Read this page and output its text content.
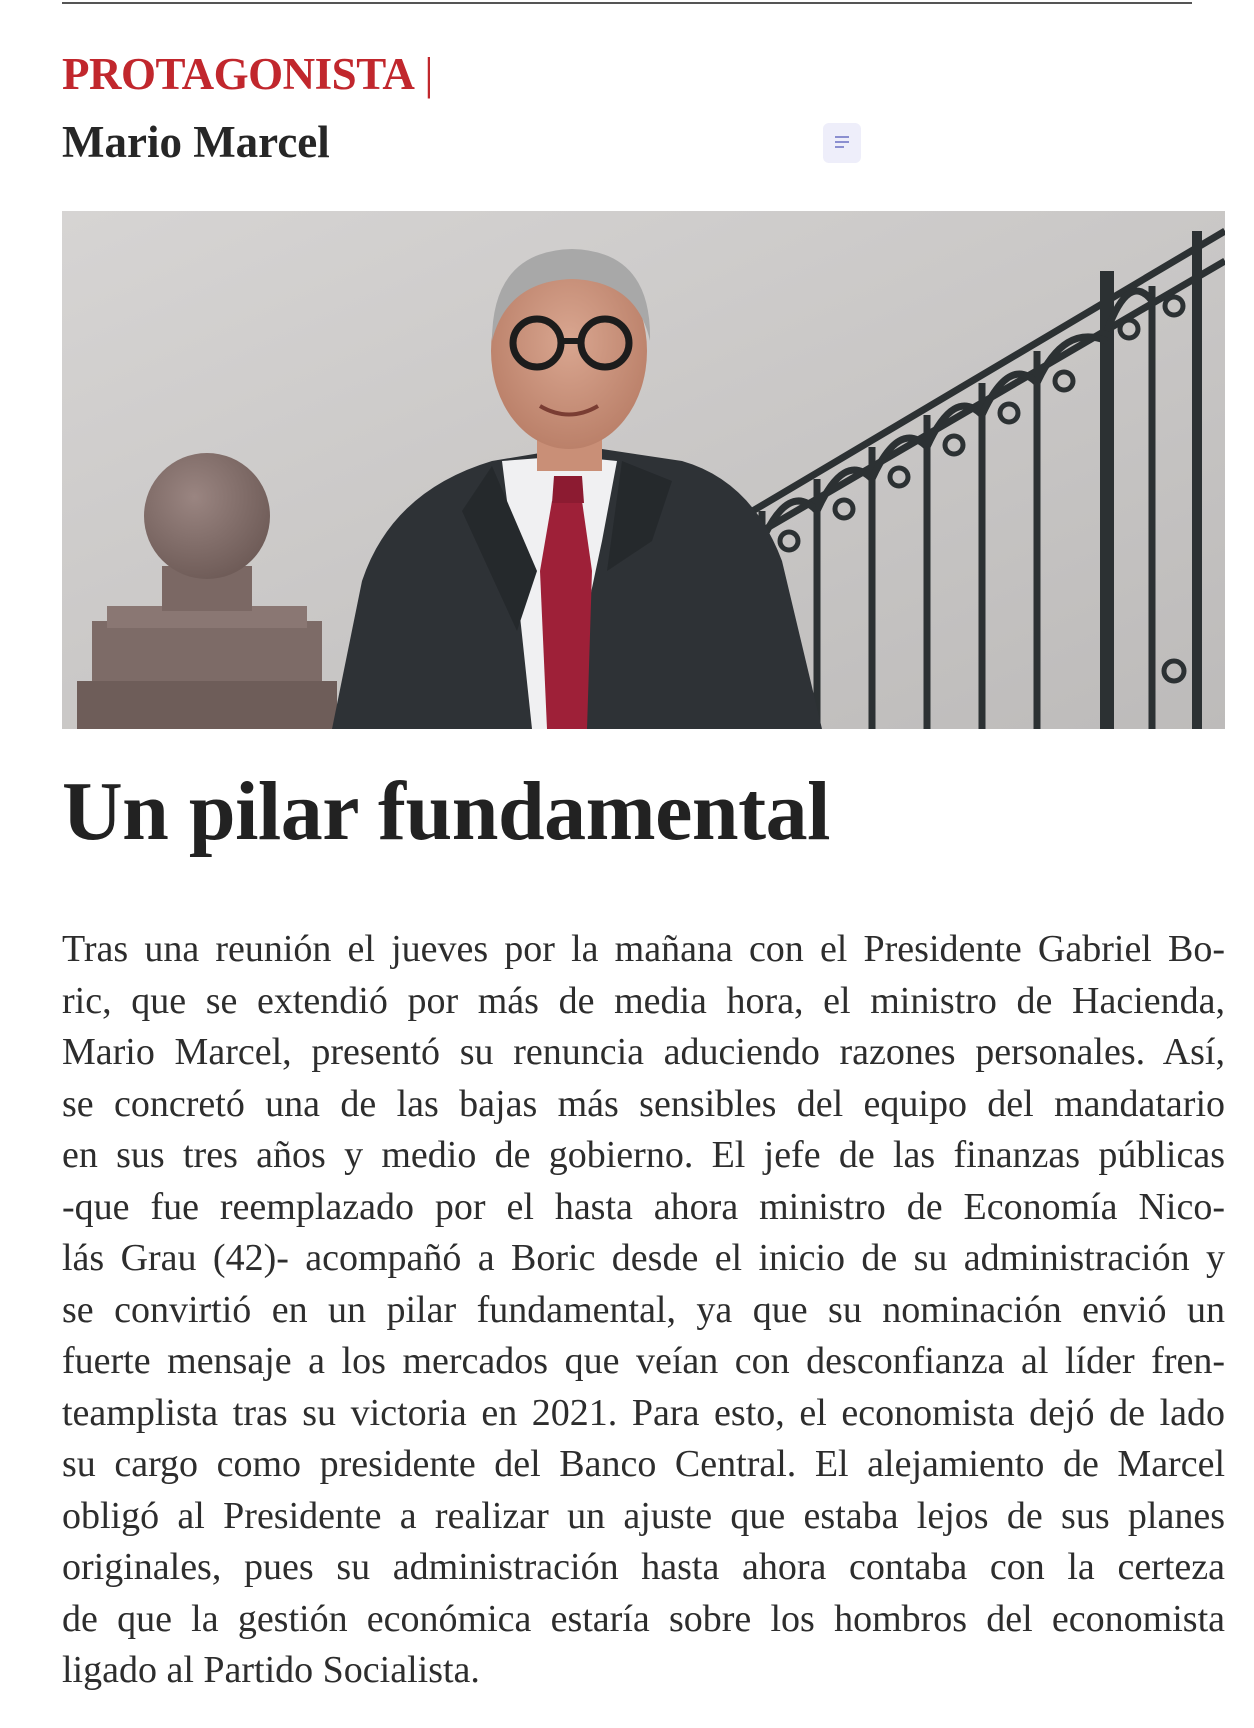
PROTAGONISTA |
Mario Marcel
Un pilar fundamental
Tras una reunión el jueves por la mañana con el Presidente Gabriel Bo-
ric, que se extendió por más de media hora, el ministro de Hacienda,
Mario Marcel, presentó su renuncia aduciendo razones personales. Así,
se concretó una de las bajas más sensibles del equipo del mandatario
en sus tres años y medio de gobierno. El jefe de las finanzas públicas
-que fue reemplazado por el hasta ahora ministro de Economía Nico-
lás Grau (42)- acompañó a Boric desde el inicio de su administración y
se convirtió en un pilar fundamental, ya que su nominación envió un
fuerte mensaje a los mercados que veían con desconfianza al líder fren-
teamplista tras su victoria en 2021. Para esto, el economista dejó de lado
su cargo como presidente del Banco Central. El alejamiento de Marcel
obligó al Presidente a realizar un ajuste que estaba lejos de sus planes
originales, pues su administración hasta ahora contaba con la certeza
de que la gestión económica estaría sobre los hombros del economista
ligado al Partido Socialista.
